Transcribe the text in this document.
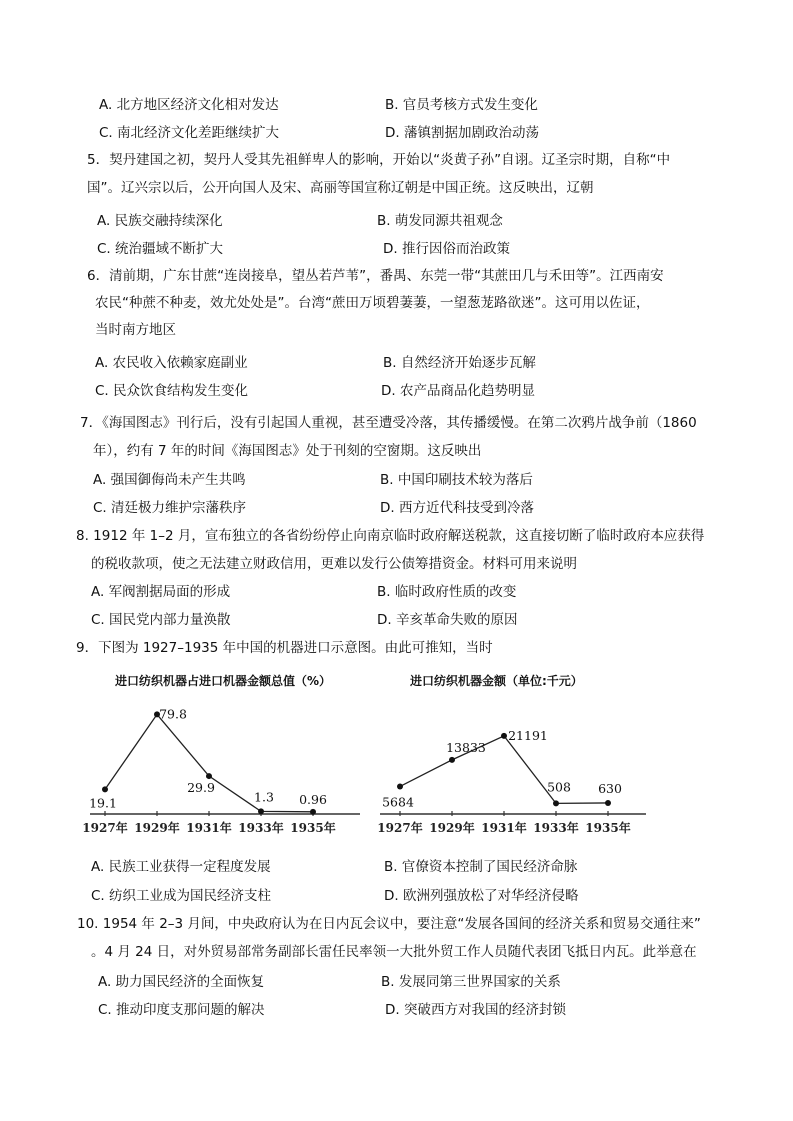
A. 北方地区经济文化相对发达	B. 官员考核方式发生变化
C. 南北经济文化差距继续扩大	D. 藩镇割据加剧政治动荡
5．契丹建国之初，契丹人受其先祖鲜卑人的影响，开始以“炎黄子孙”自诩。辽圣宗时期，自称“中
国”。辽兴宗以后，公开向国人及宋、高丽等国宣称辽朝是中国正统。这反映出，辽朝
A. 民族交融持续深化	B. 萌发同源共祖观念
C. 统治疆域不断扩大	D. 推行因俗而治政策
6．清前期，广东甘蔗“连岗接阜，望丛若芦苇”，番禺、东莞一带“其蔗田几与禾田等”。江西南安
农民“种蔗不种麦，效尤处处是”。台湾“蔗田万顷碧萋萋，一望葱茏路欲迷”。这可用以佐证，
当时南方地区
A. 农民收入依赖家庭副业	B. 自然经济开始逐步瓦解
C. 民众饮食结构发生变化	D. 农产品商品化趋势明显
7．《海国图志》刊行后，没有引起国人重视，甚至遭受冷落，其传播缓慢。在第二次鸦片战争前（1860
年），约有 7 年的时间《海国图志》处于刊刻的空窗期。这反映出
A. 强国御侮尚未产生共鸣	B. 中国印刷技术较为落后
C. 清廷极力维护宗藩秩序	D. 西方近代科技受到冷落
8. 1912 年 1–2 月，宣布独立的各省纷纷停止向南京临时政府解送税款，这直接切断了临时政府本应获得
的税收款项，使之无法建立财政信用，更难以发行公债筹措资金。材料可用来说明
A. 军阀割据局面的形成	B. 临时政府性质的改变
C. 国民党内部力量涣散	D. 辛亥革命失败的原因
9．下图为 1927–1935 年中国的机器进口示意图。由此可推知，当时
进口纺织机器占进口机器金额总值（%）
1927年 1929年 1931年 1933年 1935年
19.1
79.8
29.9
1.3 0.96
进口纺织机器金额（单位:千元）
1927年 1929年 1931年 1933年 1935年
5684
13833
21191
508 630
A. 民族工业获得一定程度发展	B. 官僚资本控制了国民经济命脉
C. 纺织工业成为国民经济支柱	D. 欧洲列强放松了对华经济侵略
10. 1954 年 2–3 月间，中央政府认为在日内瓦会议中，要注意“发展各国间的经济关系和贸易交通往来”
。4 月 24 日，对外贸易部常务副部长雷任民率领一大批外贸工作人员随代表团飞抵日内瓦。此举意在
A. 助力国民经济的全面恢复	B. 发展同第三世界国家的关系
C. 推动印度支那问题的解决	D. 突破西方对我国的经济封锁
